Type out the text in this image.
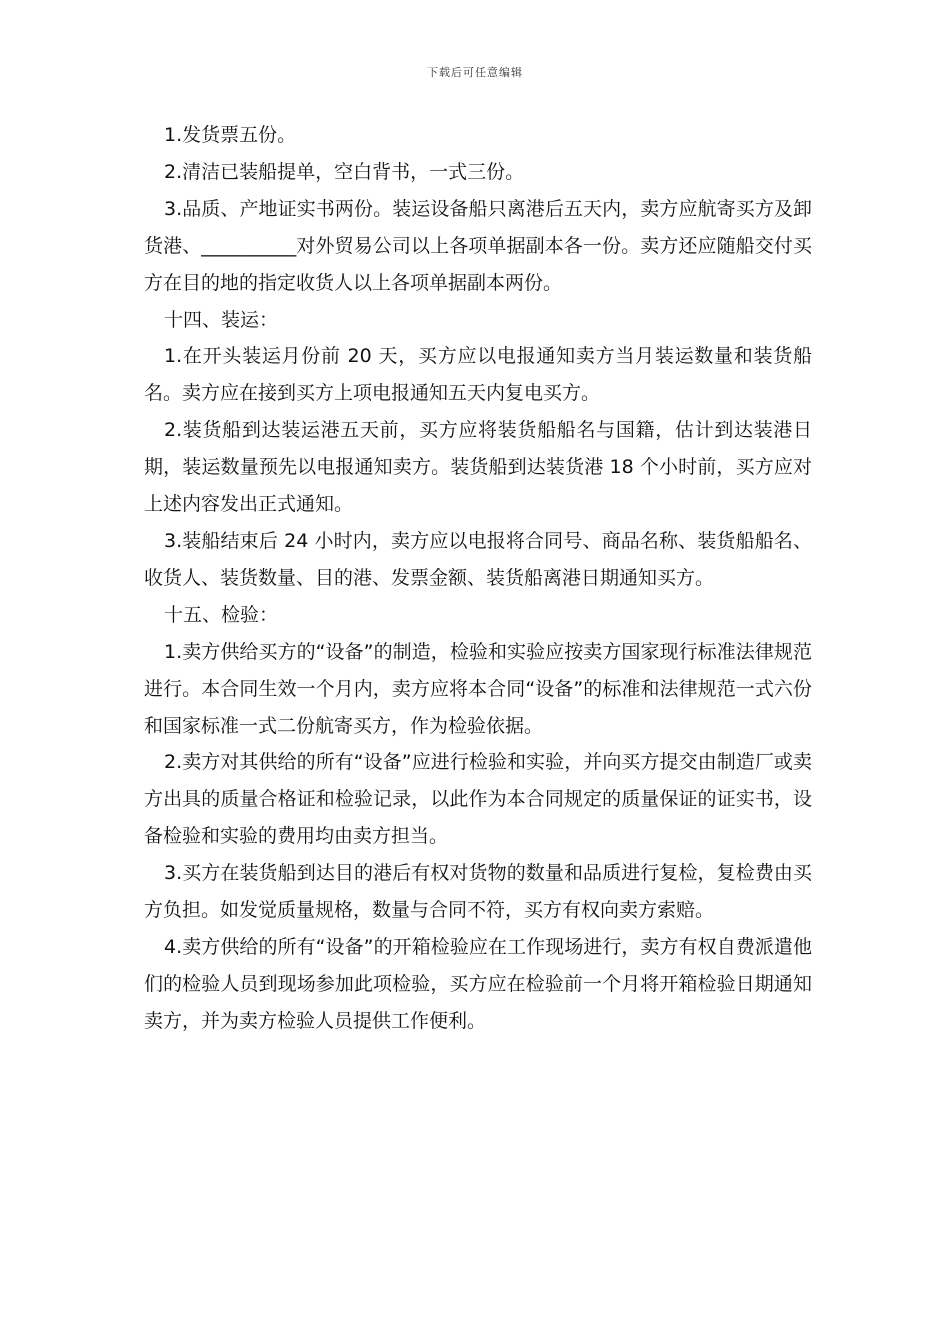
下载后可任意编辑

1.发货票五份。

2.清洁已装船提单，空白背书，一式三份。

3.品质、产地证实书两份。装运设备船只离港后五天内，卖方应航寄买方及卸货港、__________对外贸易公司以上各项单据副本各一份。卖方还应随船交付买方在目的地的指定收货人以上各项单据副本两份。

十四、装运：

1.在开头装运月份前 20 天，买方应以电报通知卖方当月装运数量和装货船名。卖方应在接到买方上项电报通知五天内复电买方。

2.装货船到达装运港五天前，买方应将装货船船名与国籍，估计到达装港日期，装运数量预先以电报通知卖方。装货船到达装货港 18 个小时前，买方应对上述内容发出正式通知。

3.装船结束后 24 小时内，卖方应以电报将合同号、商品名称、装货船船名、收货人、装货数量、目的港、发票金额、装货船离港日期通知买方。

十五、检验：

1.卖方供给买方的“设备”的制造，检验和实验应按卖方国家现行标准法律规范进行。本合同生效一个月内，卖方应将本合同“设备”的标准和法律规范一式六份和国家标准一式二份航寄买方，作为检验依据。

2.卖方对其供给的所有“设备”应进行检验和实验，并向买方提交由制造厂或卖方出具的质量合格证和检验记录，以此作为本合同规定的质量保证的证实书，设备检验和实验的费用均由卖方担当。

3.买方在装货船到达目的港后有权对货物的数量和品质进行复检，复检费由买方负担。如发觉质量规格，数量与合同不符，买方有权向卖方索赔。

4.卖方供给的所有“设备”的开箱检验应在工作现场进行，卖方有权自费派遣他们的检验人员到现场参加此项检验，买方应在检验前一个月将开箱检验日期通知卖方，并为卖方检验人员提供工作便利。
